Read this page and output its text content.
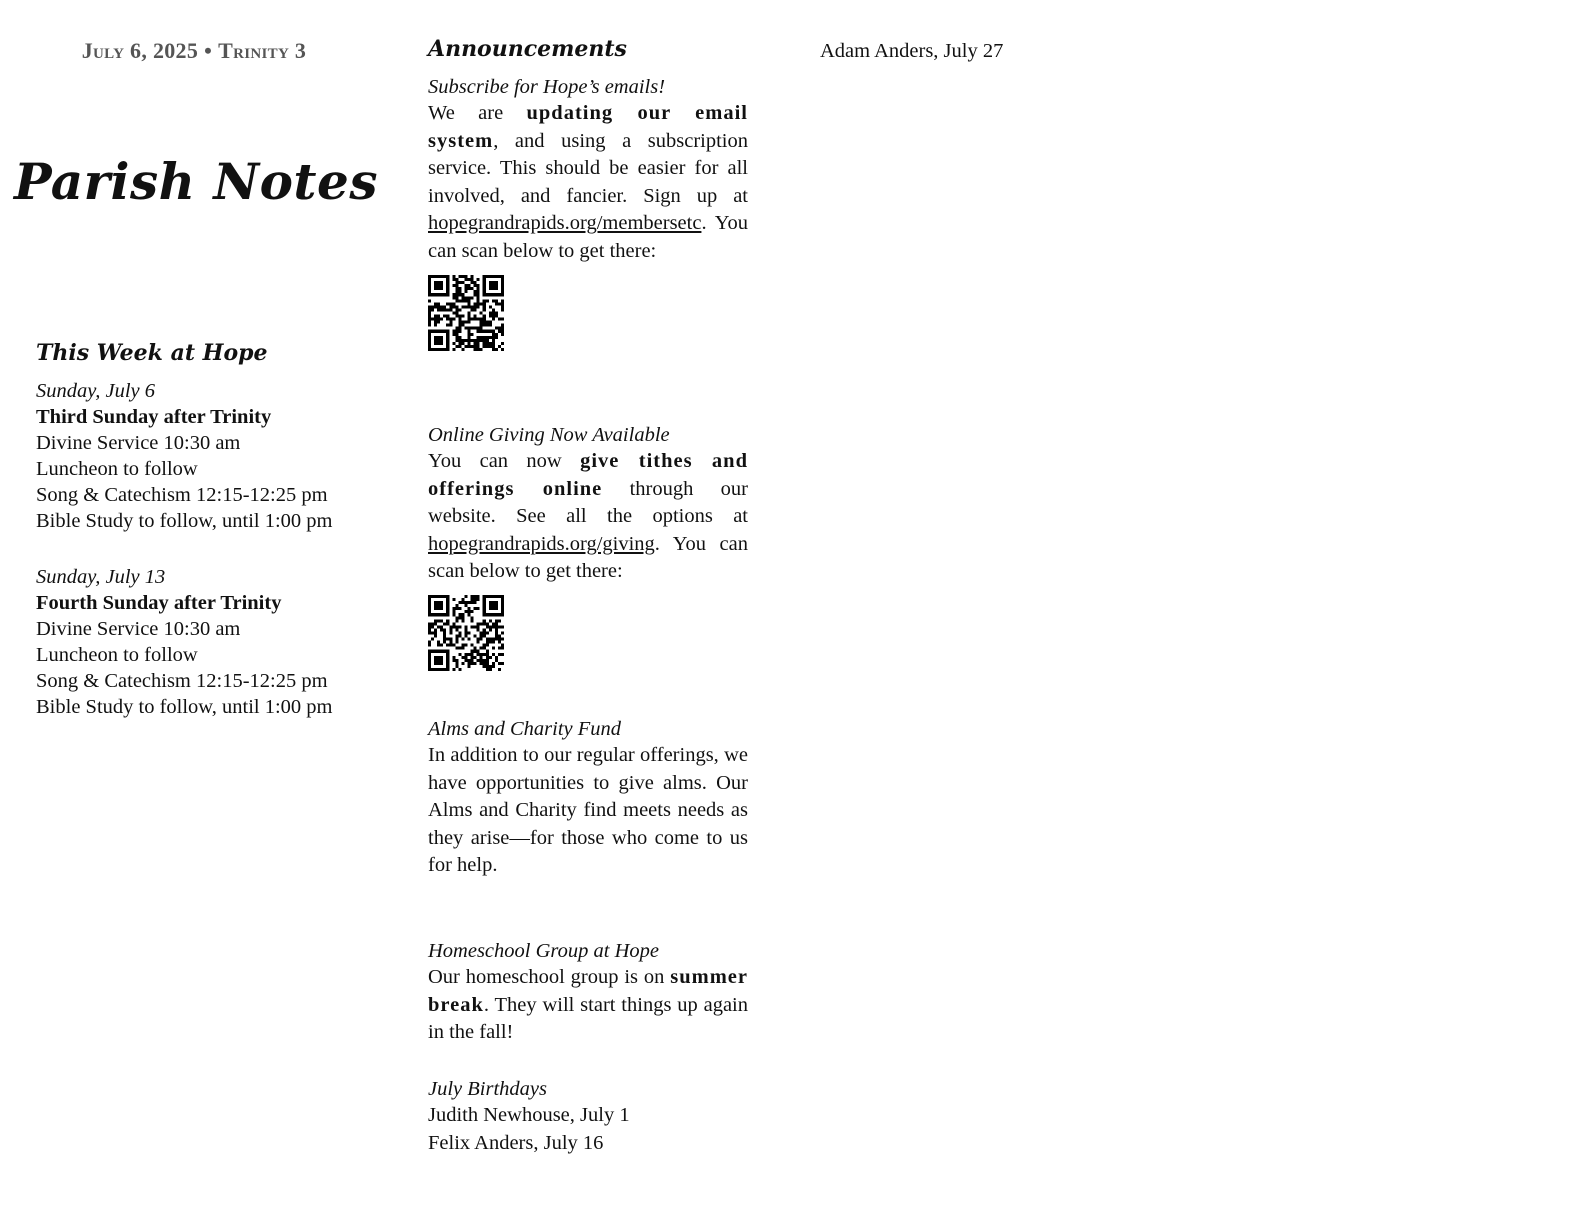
July 6, 2025 • Trinity 3
Parish Notes
This Week at Hope
Sunday, July 6
Third Sunday after Trinity
Divine Service 10:30 am
Luncheon to follow
Song & Catechism 12:15-12:25 pm
Bible Study to follow, until 1:00 pm
Sunday, July 13
Fourth Sunday after Trinity
Divine Service 10:30 am
Luncheon to follow
Song & Catechism 12:15-12:25 pm
Bible Study to follow, until 1:00 pm
Announcements
Subscribe for Hope’s emails!

We are updating our email system, and using a subscription service. This should be easier for all involved, and fancier. Sign up at hopegrandrapids.org/membersetc. You can scan below to get there:

Online Giving Now Available

You can now give tithes and offerings online through our website. See all the options at hopegrandrapids.org/giving. You can scan below to get there:

Alms and Charity Fund

In addition to our regular offerings, we have opportunities to give alms. Our Alms and Charity find meets needs as they arise—for those who come to us for help.

Homeschool Group at Hope

Our homeschool group is on summer break. They will start things up again in the fall!

July Birthdays
Judith Newhouse, July 1
Felix Anders, July 16
Adam Anders, July 27
